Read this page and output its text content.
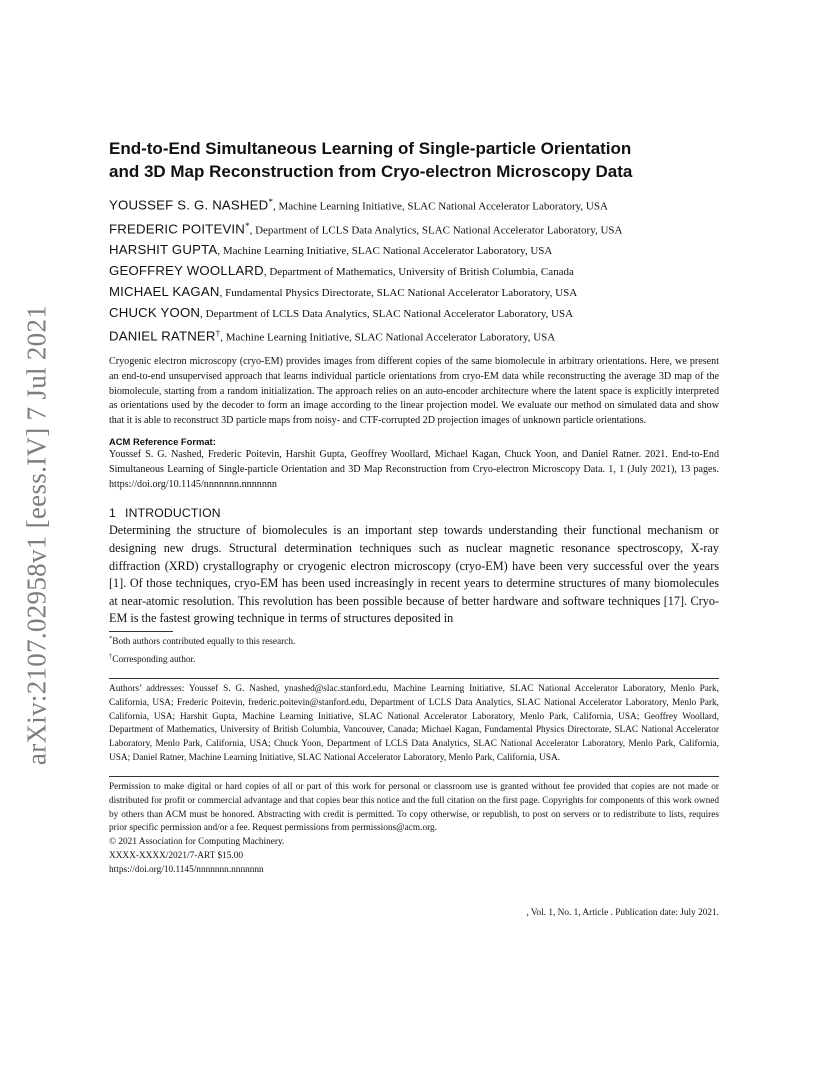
arXiv:2107.02958v1 [eess.IV] 7 Jul 2021
End-to-End Simultaneous Learning of Single-particle Orientation
and 3D Map Reconstruction from Cryo-electron Microscopy Data
YOUSSEF S. G. NASHED*, Machine Learning Initiative, SLAC National Accelerator Laboratory, USA
FREDERIC POITEVIN*, Department of LCLS Data Analytics, SLAC National Accelerator Laboratory, USA
HARSHIT GUPTA, Machine Learning Initiative, SLAC National Accelerator Laboratory, USA
GEOFFREY WOOLLARD, Department of Mathematics, University of British Columbia, Canada
MICHAEL KAGAN, Fundamental Physics Directorate, SLAC National Accelerator Laboratory, USA
CHUCK YOON, Department of LCLS Data Analytics, SLAC National Accelerator Laboratory, USA
DANIEL RATNER†, Machine Learning Initiative, SLAC National Accelerator Laboratory, USA
Cryogenic electron microscopy (cryo-EM) provides images from different copies of the same biomolecule in arbitrary orientations. Here, we present an end-to-end unsupervised approach that learns individual particle orientations from cryo-EM data while reconstructing the average 3D map of the biomolecule, starting from a random initialization. The approach relies on an auto-encoder architecture where the latent space is explicitly interpreted as orientations used by the decoder to form an image according to the linear projection model. We evaluate our method on simulated data and show that it is able to reconstruct 3D particle maps from noisy- and CTF-corrupted 2D projection images of unknown particle orientations.
ACM Reference Format:
Youssef S. G. Nashed, Frederic Poitevin, Harshit Gupta, Geoffrey Woollard, Michael Kagan, Chuck Yoon, and Daniel Ratner. 2021. End-to-End Simultaneous Learning of Single-particle Orientation and 3D Map Reconstruction from Cryo-electron Microscopy Data. 1, 1 (July 2021), 13 pages. https://doi.org/10.1145/nnnnnnn.nnnnnnn
1 INTRODUCTION
Determining the structure of biomolecules is an important step towards understanding their functional mechanism or designing new drugs. Structural determination techniques such as nuclear magnetic resonance spectroscopy, X-ray diffraction (XRD) crystallography or cryogenic electron microscopy (cryo-EM) have been very successful over the years [1]. Of those techniques, cryo-EM has been used increasingly in recent years to determine structures of many biomolecules at near-atomic resolution. This revolution has been possible because of better hardware and software techniques [17]. Cryo-EM is the fastest growing technique in terms of structures deposited in
*Both authors contributed equally to this research.
†Corresponding author.
Authors’ addresses: Youssef S. G. Nashed, ynashed@slac.stanford.edu, Machine Learning Initiative, SLAC National Accelerator Laboratory, Menlo Park, California, USA; Frederic Poitevin, frederic.poitevin@stanford.edu, Department of LCLS Data Analytics, SLAC National Accelerator Laboratory, Menlo Park, California, USA; Harshit Gupta, Machine Learning Initiative, SLAC National Accelerator Laboratory, Menlo Park, California, USA; Geoffrey Woollard, Department of Mathematics, University of British Columbia, Vancouver, Canada; Michael Kagan, Fundamental Physics Directorate, SLAC National Accelerator Laboratory, Menlo Park, California, USA; Chuck Yoon, Department of LCLS Data Analytics, SLAC National Accelerator Laboratory, Menlo Park, California, USA; Daniel Ratner, Machine Learning Initiative, SLAC National Accelerator Laboratory, Menlo Park, California, USA.
Permission to make digital or hard copies of all or part of this work for personal or classroom use is granted without fee provided that copies are not made or distributed for profit or commercial advantage and that copies bear this notice and the full citation on the first page. Copyrights for components of this work owned by others than ACM must be honored. Abstracting with credit is permitted. To copy otherwise, or republish, to post on servers or to redistribute to lists, requires prior specific permission and/or a fee. Request permissions from permissions@acm.org.
© 2021 Association for Computing Machinery.
XXXX-XXXX/2021/7-ART $15.00
https://doi.org/10.1145/nnnnnnn.nnnnnnn
, Vol. 1, No. 1, Article . Publication date: July 2021.
